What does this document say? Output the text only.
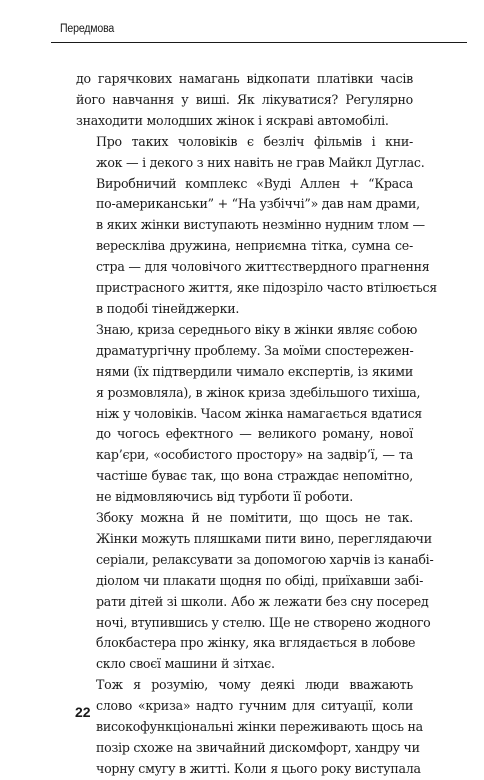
Передмова
до гарячкових намагань відкопати платівки часів
його навчання у виші. Як лікуватися? Регулярно
знаходити молодших жінок і яскраві автомобілі.
Про таких чоловіків є безліч фільмів і кни-
жок — і декого з них навіть не грав Майкл Дуглас.
Виробничий комплекс «Вуді Аллен + “Краса
по-американськи” + “На узбіччі”» дав нам драми,
в яких жінки виступають незмінно нудним тлом —
верескліва дружина, неприємна тітка, сумна се-
стра — для чоловічого життєствердного прагнення
пристрасного життя, яке підозріло часто втілюється
в подобі тінейджерки.
Знаю, криза середнього віку в жінки являє собою
драматургічну проблему. За моїми спостережен-
нями (їх підтвердили чимало експертів, із якими
я розмовляла), в жінок криза здебільшого тихіша,
ніж у чоловіків. Часом жінка намагається вдатися
до чогось ефектного — великого роману, нової
кар’єри, «особистого простору» на задвір’ї, — та
частіше буває так, що вона страждає непомітно,
не відмовляючись від турботи її роботи.
Збоку можна й не помітити, що щось не так.
Жінки можуть пляшками пити вино, переглядаючи
серіали, релаксувати за допомогою харчів із канабі-
діолом чи плакати щодня по обіді, приїхавши забі-
рати дітей зі школи. Або ж лежати без сну посеред
ночі, втупившись у стелю. Ще не створено жодного
блокбастера про жінку, яка вглядається в лобове
скло своєї машини й зітхає.
Тож я розумію, чому деякі люди вважають
слово «криза» надто гучним для ситуації, коли
високофункціональні жінки переживають щось на
позір схоже на звичайний дискомфорт, хандру чи
чорну смугу в житті. Коли я цього року виступала
22
